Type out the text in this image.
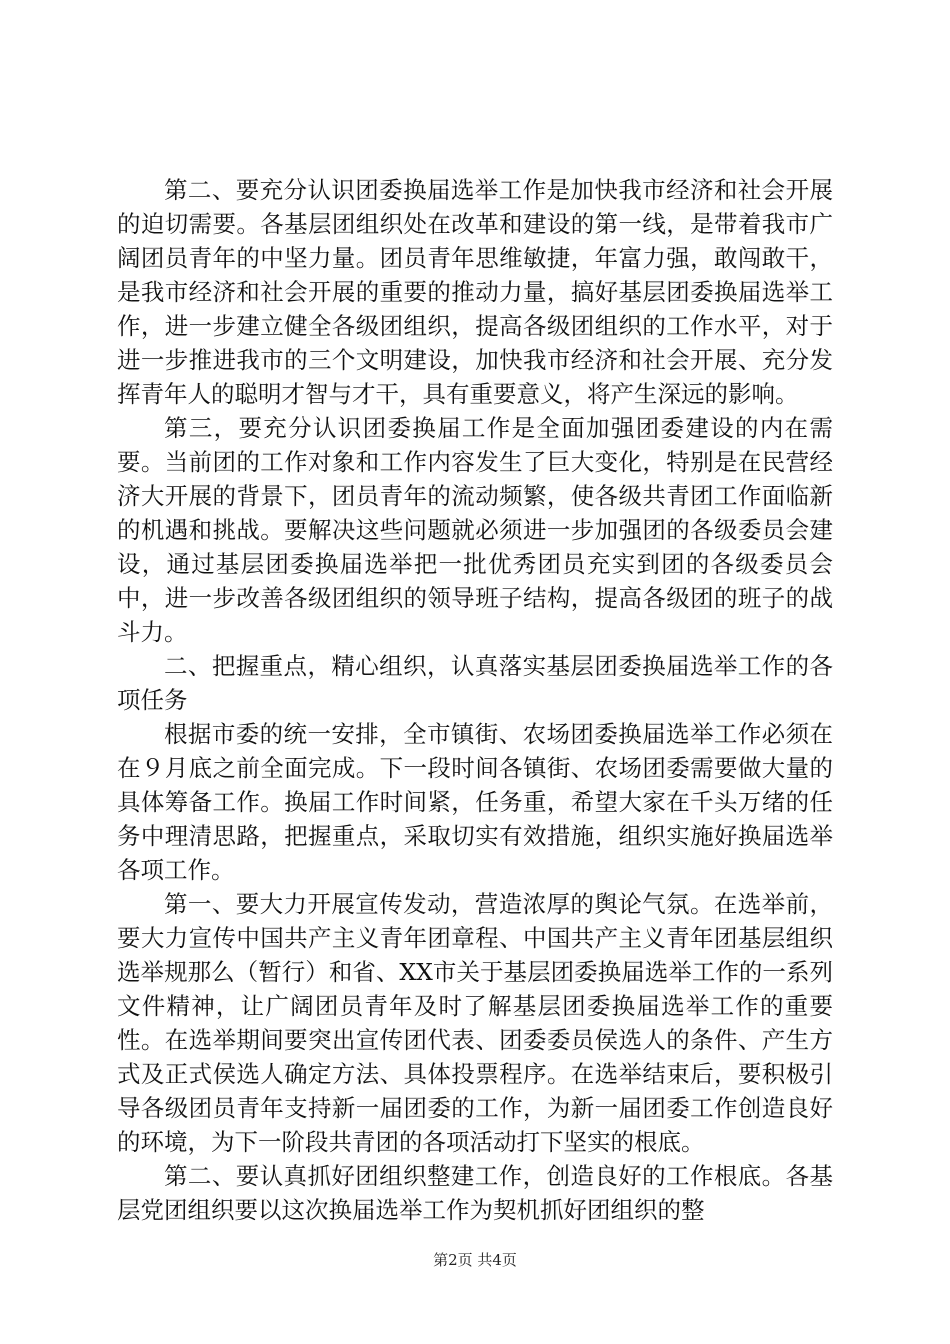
第二、要充分认识团委换届选举工作是加快我市经济和社会开展的迫切需要。各基层团组织处在改革和建设的第一线，是带着我市广阔团员青年的中坚力量。团员青年思维敏捷，年富力强，敢闯敢干，是我市经济和社会开展的重要的推动力量，搞好基层团委换届选举工作，进一步建立健全各级团组织，提高各级团组织的工作水平，对于进一步推进我市的三个文明建设，加快我市经济和社会开展、充分发挥青年人的聪明才智与才干，具有重要意义，将产生深远的影响。

第三，要充分认识团委换届工作是全面加强团委建设的内在需要。当前团的工作对象和工作内容发生了巨大变化，特别是在民营经济大开展的背景下，团员青年的流动频繁，使各级共青团工作面临新的机遇和挑战。要解决这些问题就必须进一步加强团的各级委员会建设，通过基层团委换届选举把一批优秀团员充实到团的各级委员会中，进一步改善各级团组织的领导班子结构，提高各级团的班子的战斗力。

二、把握重点，精心组织，认真落实基层团委换届选举工作的各项任务

根据市委的统一安排，全市镇街、农场团委换届选举工作必须在在９月底之前全面完成。下一段时间各镇街、农场团委需要做大量的具体筹备工作。换届工作时间紧，任务重，希望大家在千头万绪的任务中理清思路，把握重点，采取切实有效措施，组织实施好换届选举各项工作。

第一、要大力开展宣传发动，营造浓厚的舆论气氛。在选举前，要大力宣传中国共产主义青年团章程、中国共产主义青年团基层组织选举规那么（暂行）和省、XX市关于基层团委换届选举工作的一系列文件精神，让广阔团员青年及时了解基层团委换届选举工作的重要性。在选举期间要突出宣传团代表、团委委员侯选人的条件、产生方式及正式侯选人确定方法、具体投票程序。在选举结束后，要积极引导各级团员青年支持新一届团委的工作，为新一届团委工作创造良好的环境，为下一阶段共青团的各项活动打下坚实的根底。

第二、要认真抓好团组织整建工作，创造良好的工作根底。各基层党团组织要以这次换届选举工作为契机抓好团组织的整

第2页 共4页
